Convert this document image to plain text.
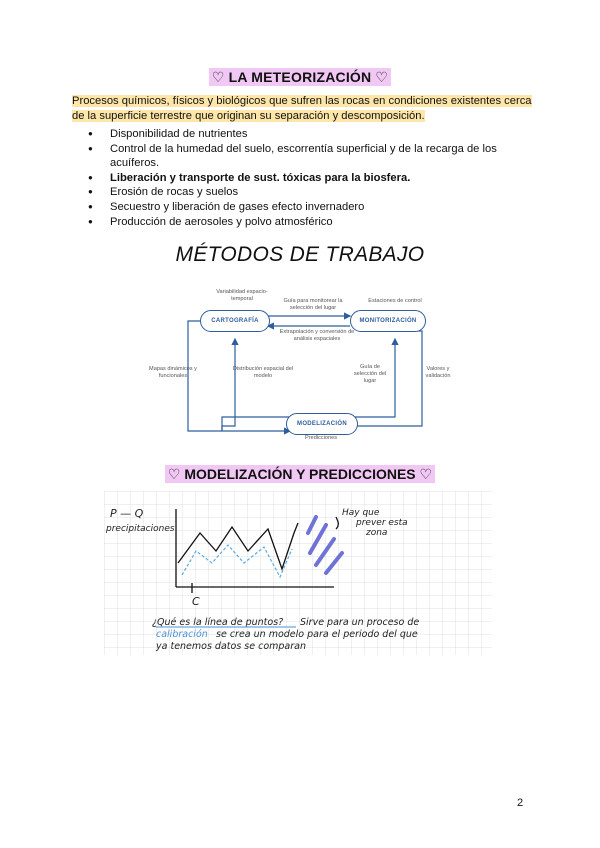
♡ LA METEORIZACIÓN ♡
Procesos químicos, físicos y biológicos que sufren las rocas en condiciones existentes cerca de la superficie terrestre que originan su separación y descomposición.
● Disponibilidad de nutrientes
● Control de la humedad del suelo, escorrentía superficial y de la recarga de los acuíferos.
● Liberación y transporte de sust. tóxicas para la biosfera.
● Erosión de rocas y suelos
● Secuestro y liberación de gases efecto invernadero
● Producción de aerosoles y polvo atmosférico
MÉTODOS DE TRABAJO
CARTOGRAFÍA	MONITORIZACIÓN
MODELIZACIÓN
Variabilidad espacio-temporal	Guía para monitorear la selección del lugar
Estaciones de control
Extrapolación y conversión de análisis espaciales
Mapas dinámicos y funcionales
Distribución espacial del modelo
Guía de selección del lugar
Valores y validación
Predicciones
♡ MODELIZACIÓN Y PREDICCIONES ♡
P — Q
precipitaciones
C
Hay que
prever esta
zona
¿Qué es la línea de puntos? Sirve para un proceso de
calibración se crea un modelo para el periodo del que
ya tenemos datos se comparan
2
